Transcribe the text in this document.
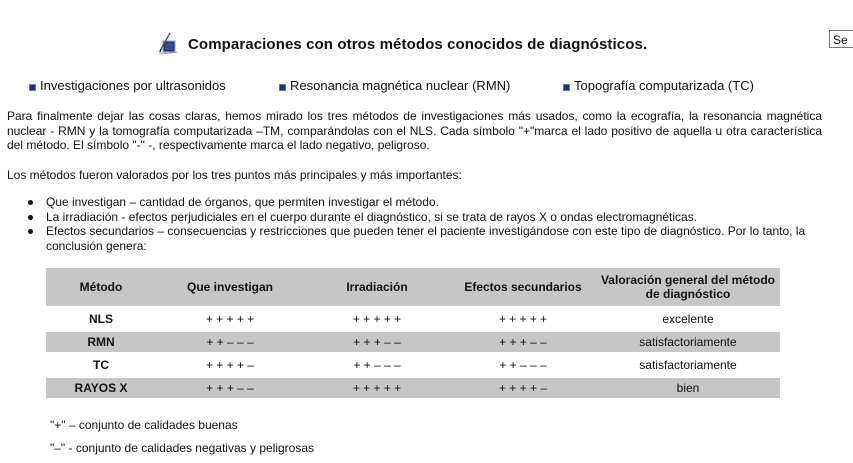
Comparaciones con otros métodos conocidos de diagnósticos.	Se
Investigaciones por ultrasonidos	Resonancia magnética nuclear (RMN)	Topografía computarizada (TC)

Para finalmente dejar las cosas claras, hemos mirado los tres métodos de investigaciones más usados, como la ecografía, la resonancia magnética nuclear - RMN y la tomografía computarizada –TM, comparándolas con el NLS. Cada símbolo "+"marca el lado positivo de aquella u otra característica del método. El símbolo "-" -, respectivamente marca el lado negativo, peligroso.

Los métodos fueron valorados por los tres puntos más principales y más importantes:

Que investigan – cantidad de órganos, que permiten investigar el método.
La irradiación - efectos perjudiciales en el cuerpo durante el diagnóstico, si se trata de rayos X o ondas electromagnéticas.
Efectos secundarios – consecuencias y restricciones que pueden tener el paciente investigándose con este tipo de diagnóstico. Por lo tanto, la conclusión genera:
Método	Que investigan	Irradiación	Efectos secundarios	Valoración general del método de diagnóstico
NLS	+ + + + +	+ + + + +	+ + + + +	excelente
RMN	+ + – – –	+ + + – –	+ + + – –	satisfactoriamente
TC	+ + + + –	+ + – – –	+ + – – –	satisfactoriamente
RAYOS X	+ + + – –	+ + + + +	+ + + + –	bien
"+" – conjunto de calidades buenas
"–" - conjunto de calidades negativas y peligrosas
